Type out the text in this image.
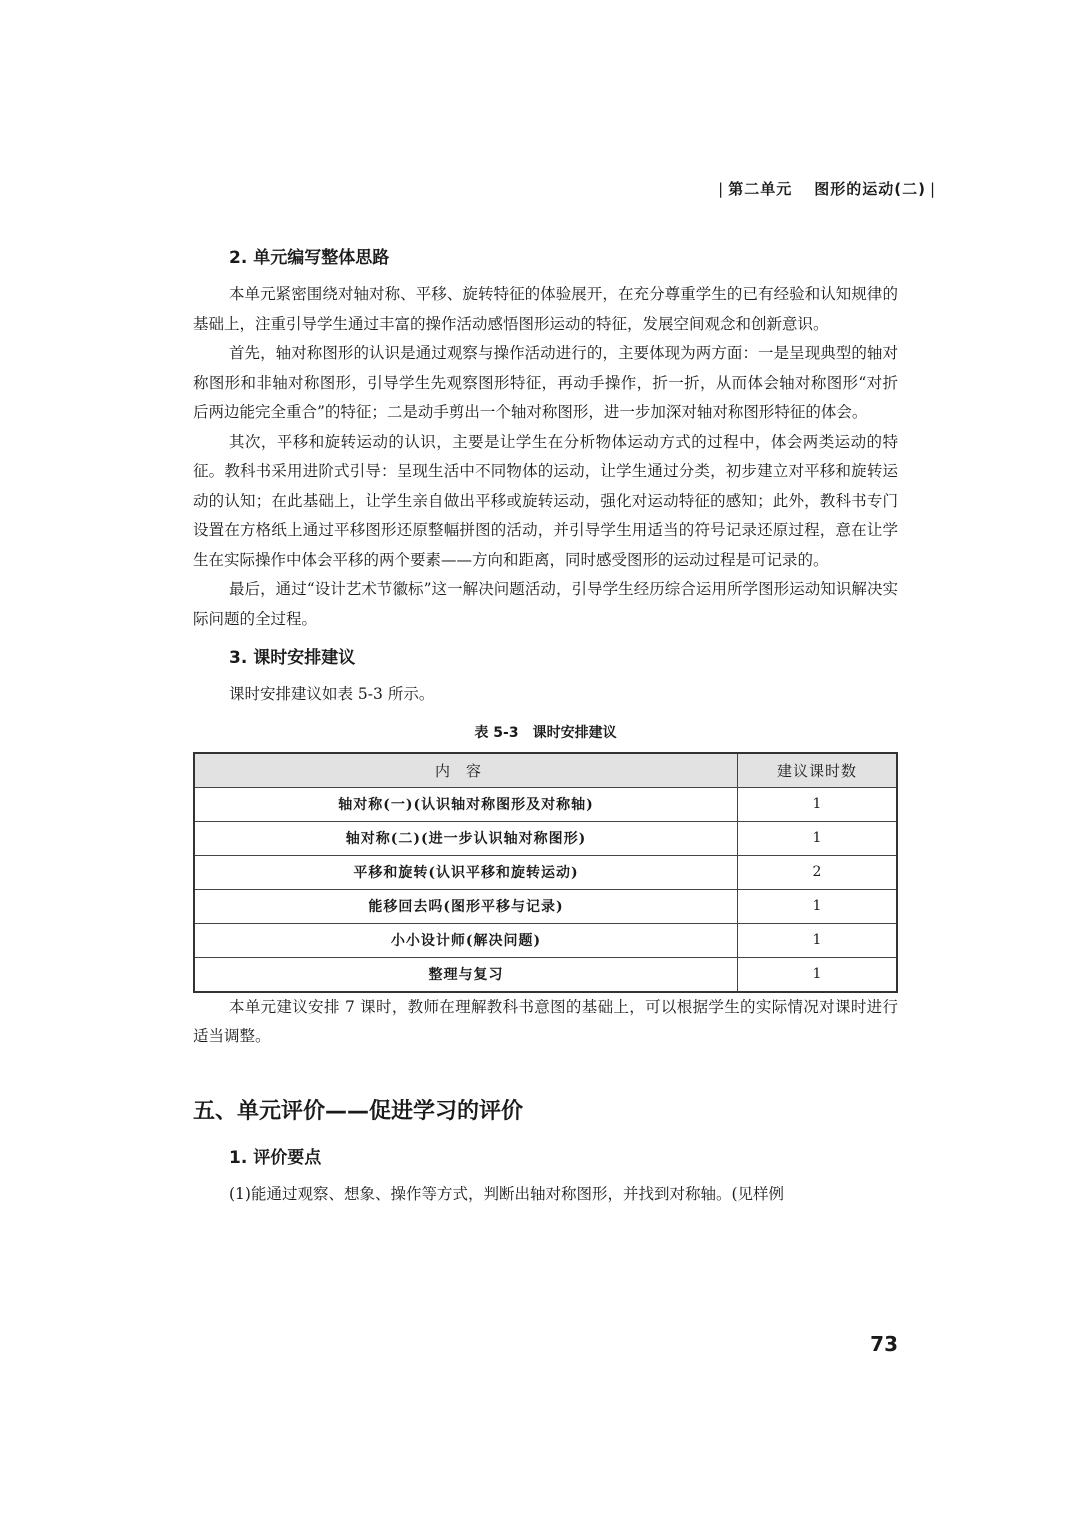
| 第二单元 图形的运动(二) |
2. 单元编写整体思路

本单元紧密围绕对轴对称、平移、旋转特征的体验展开，在充分尊重学生的已有经验和认知规律的基础上，注重引导学生通过丰富的操作活动感悟图形运动的特征，发展空间观念和创新意识。

首先，轴对称图形的认识是通过观察与操作活动进行的，主要体现为两方面：一是呈现典型的轴对称图形和非轴对称图形，引导学生先观察图形特征，再动手操作，折一折，从而体会轴对称图形“对折后两边能完全重合”的特征；二是动手剪出一个轴对称图形，进一步加深对轴对称图形特征的体会。

其次，平移和旋转运动的认识，主要是让学生在分析物体运动方式的过程中，体会两类运动的特征。教科书采用进阶式引导：呈现生活中不同物体的运动，让学生通过分类，初步建立对平移和旋转运动的认知；在此基础上，让学生亲自做出平移或旋转运动，强化对运动特征的感知；此外，教科书专门设置在方格纸上通过平移图形还原整幅拼图的活动，并引导学生用适当的符号记录还原过程，意在让学生在实际操作中体会平移的两个要素——方向和距离，同时感受图形的运动过程是可记录的。

最后，通过“设计艺术节徽标”这一解决问题活动，引导学生经历综合运用所学图形运动知识解决实际问题的全过程。

3. 课时安排建议

课时安排建议如表 5-3 所示。

表 5-3　课时安排建议
内容	建议课时数
轴对称(一)(认识轴对称图形及对称轴)	1
轴对称(二)(进一步认识轴对称图形)	1
平移和旋转(认识平移和旋转运动)	2
能移回去吗(图形平移与记录)	1
小小设计师(解决问题)	1
整理与复习	1

本单元建议安排 7 课时，教师在理解教科书意图的基础上，可以根据学生的实际情况对课时进行适当调整。

五、单元评价——促进学习的评价
1. 评价要点

(1)能通过观察、想象、操作等方式，判断出轴对称图形，并找到对称轴。(见样例

73
